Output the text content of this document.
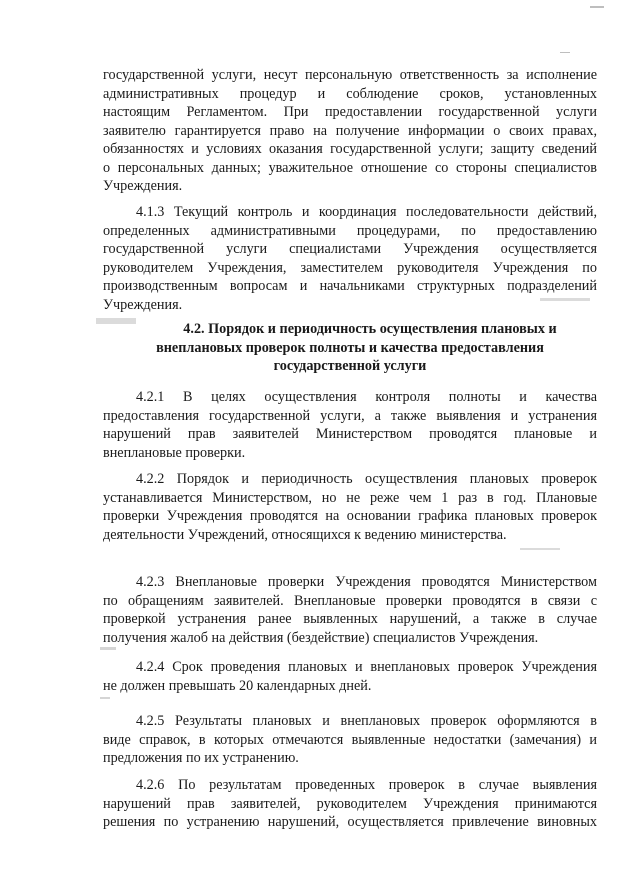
государственной услуги, несут персональную ответственность за исполнение
административных процедур и соблюдение сроков, установленных
настоящим Регламентом. При предоставлении государственной услуги
заявителю гарантируется право на получение информации о своих правах,
обязанностях и условиях оказания государственной услуги; защиту сведений
о персональных данных; уважительное отношение со стороны специалистов
Учреждения.

4.1.3 Текущий контроль и координация последовательности действий,
определенных административными процедурами, по предоставлению
государственной услуги специалистами Учреждения осуществляется
руководителем Учреждения, заместителем руководителя Учреждения по
производственным вопросам и начальниками структурных подразделений
Учреждения.

4.2. Порядок и периодичность осуществления плановых и
внеплановых проверок полноты и качества предоставления
государственной услуги

4.2.1 В целях осуществления контроля полноты и качества
предоставления государственной услуги, а также выявления и устранения
нарушений прав заявителей Министерством проводятся плановые и
внеплановые проверки.

4.2.2 Порядок и периодичность осуществления плановых проверок
устанавливается Министерством, но не реже чем 1 раз в год. Плановые
проверки Учреждения проводятся на основании графика плановых проверок
деятельности Учреждений, относящихся к ведению министерства.

4.2.3 Внеплановые проверки Учреждения проводятся Министерством
по обращениям заявителей. Внеплановые проверки проводятся в связи с
проверкой устранения ранее выявленных нарушений, а также в случае
получения жалоб на действия (бездействие) специалистов Учреждения.

4.2.4 Срок проведения плановых и внеплановых проверок Учреждения
не должен превышать 20 календарных дней.

4.2.5 Результаты плановых и внеплановых проверок оформляются в
виде справок, в которых отмечаются выявленные недостатки (замечания) и
предложения по их устранению.

4.2.6 По результатам проведенных проверок в случае выявления
нарушений прав заявителей, руководителем Учреждения принимаются
решения по устранению нарушений, осуществляется привлечение виновных
